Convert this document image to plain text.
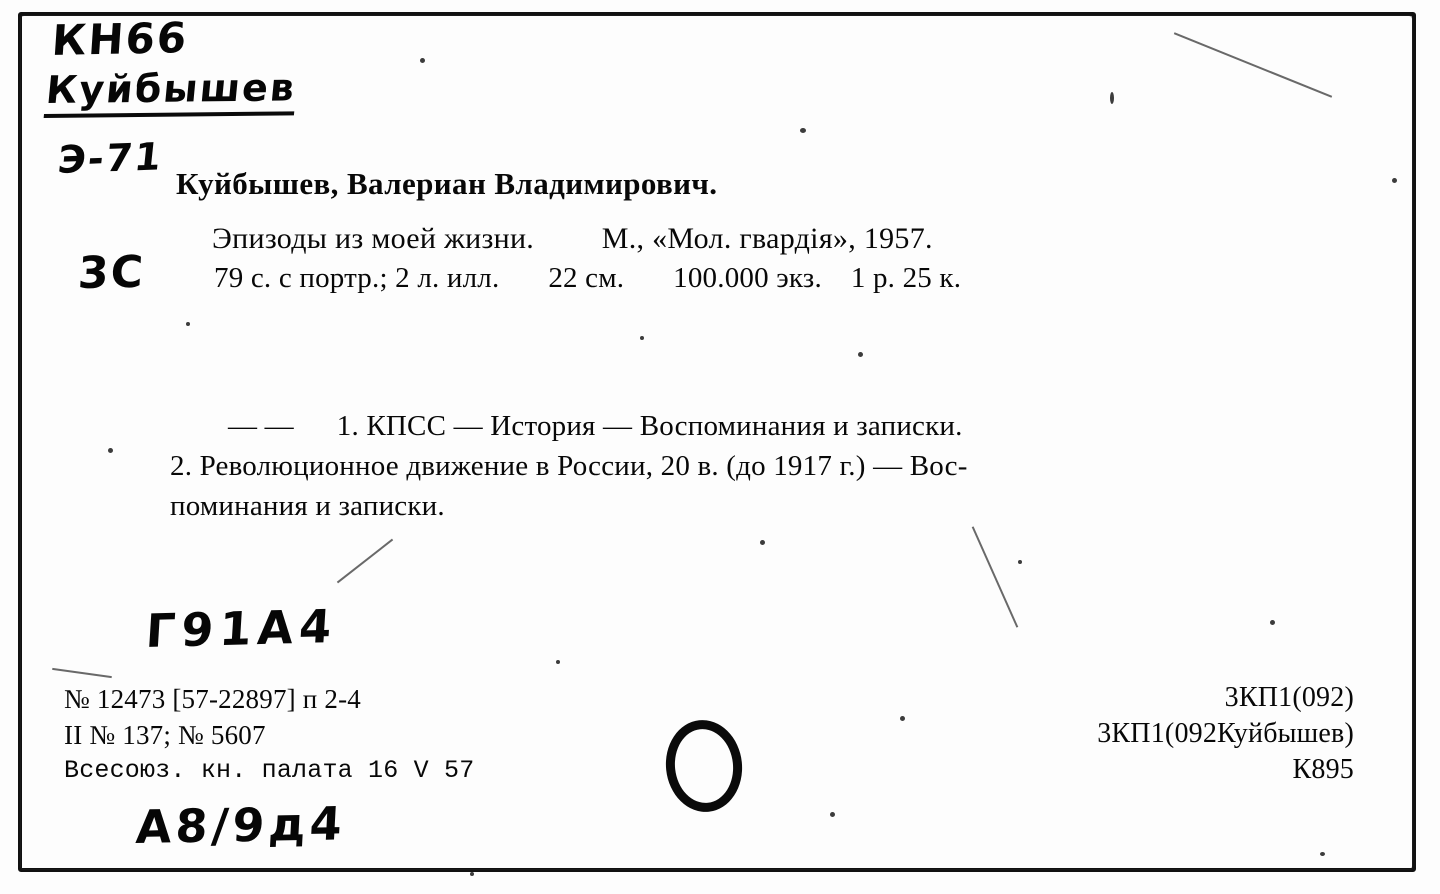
КН66
Куйбышев
Э-71
3С
Г91А4
А8/9д4
Куйбышев, Валериан Владимирович.
Эпизоды из моей жизни. М., «Мол. гвардiя», 1957.
79 с. с портр.; 2 л. илл. 22 см. 100.000 экз. 1 р. 25 к.
— — 1. КПСС — История — Воспоминания и записки.
2. Революционное движение в России, 20 в. (до 1917 г.) — Вос-
поминания и записки.
№ 12473 [57-22897] п 2-4
II № 137; № 5607
Всесоюз. кн. палата 16 V 57
3КП1(092)
3КП1(092Куйбышев)
К895
